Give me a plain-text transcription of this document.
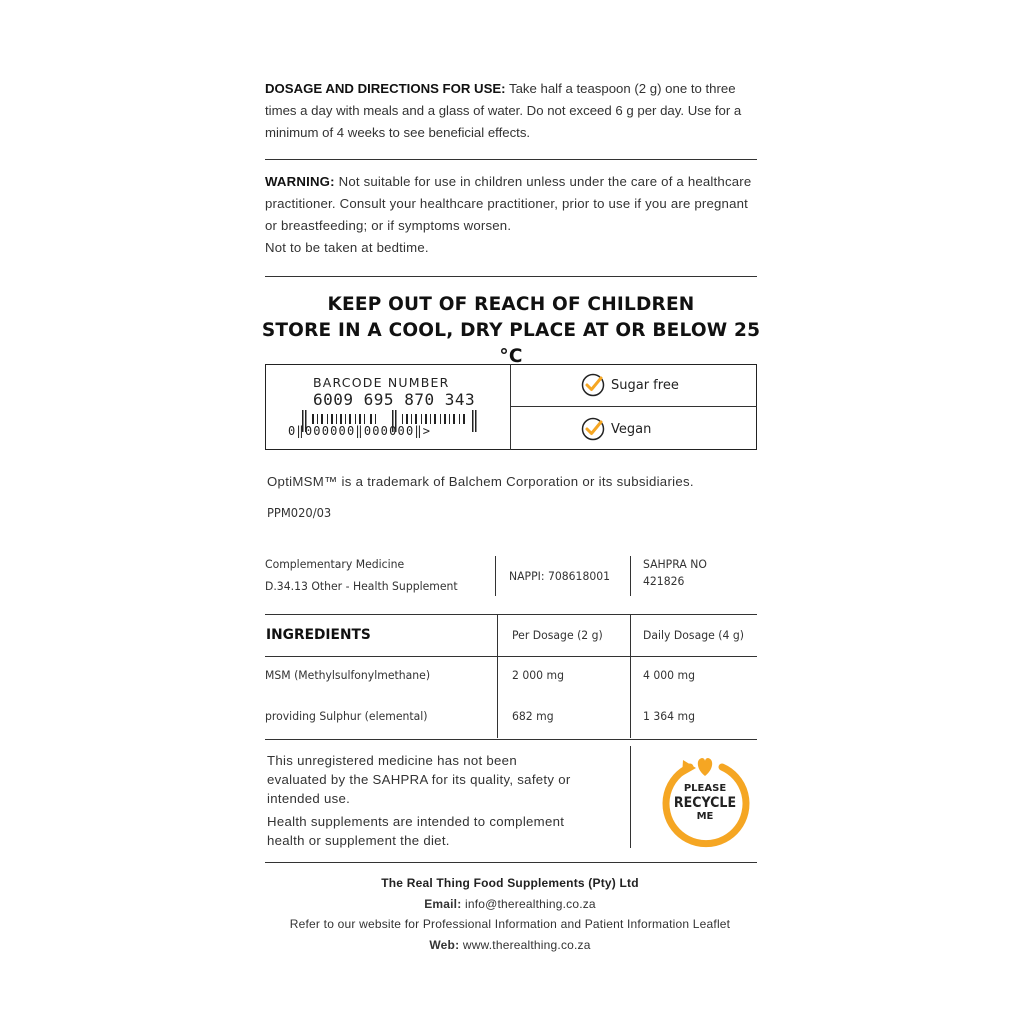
DOSAGE AND DIRECTIONS FOR USE: Take half a teaspoon (2 g) one to three times a day with meals and a glass of water. Do not exceed 6 g per day. Use for a minimum of 4 weeks to see beneficial effects.
WARNING: Not suitable for use in children unless under the care of a healthcare practitioner. Consult your healthcare practitioner, prior to use if you are pregnant or breastfeeding; or if symptoms worsen.
Not to be taken at bedtime.
KEEP OUT OF REACH OF CHILDREN
STORE IN A COOL, DRY PLACE AT OR BELOW 25 °C
BARCODE NUMBER
6009 695 870 343
0‖000000‖000000‖>
Sugar free
Vegan
OptiMSM™ is a trademark of Balchem Corporation or its subsidiaries.
PPM020/03
Complementary Medicine
D.34.13 Other - Health Supplement
NAPPI: 708618001
SAHPRA NO
421826
INGREDIENTS	Per Dosage (2 g)	Daily Dosage (4 g)
MSM (Methylsulfonylmethane)	2 000 mg	4 000 mg
providing Sulphur (elemental)	682 mg	1 364 mg
This unregistered medicine has not been
evaluated by the SAHPRA for its quality, safety or
intended use.
Health supplements are intended to complement
health or supplement the diet.
PLEASE
RECYCLE
ME
The Real Thing Food Supplements (Pty) Ltd
Email: info@therealthing.co.za
Refer to our website for Professional Information and Patient Information Leaflet
Web: www.therealthing.co.za
